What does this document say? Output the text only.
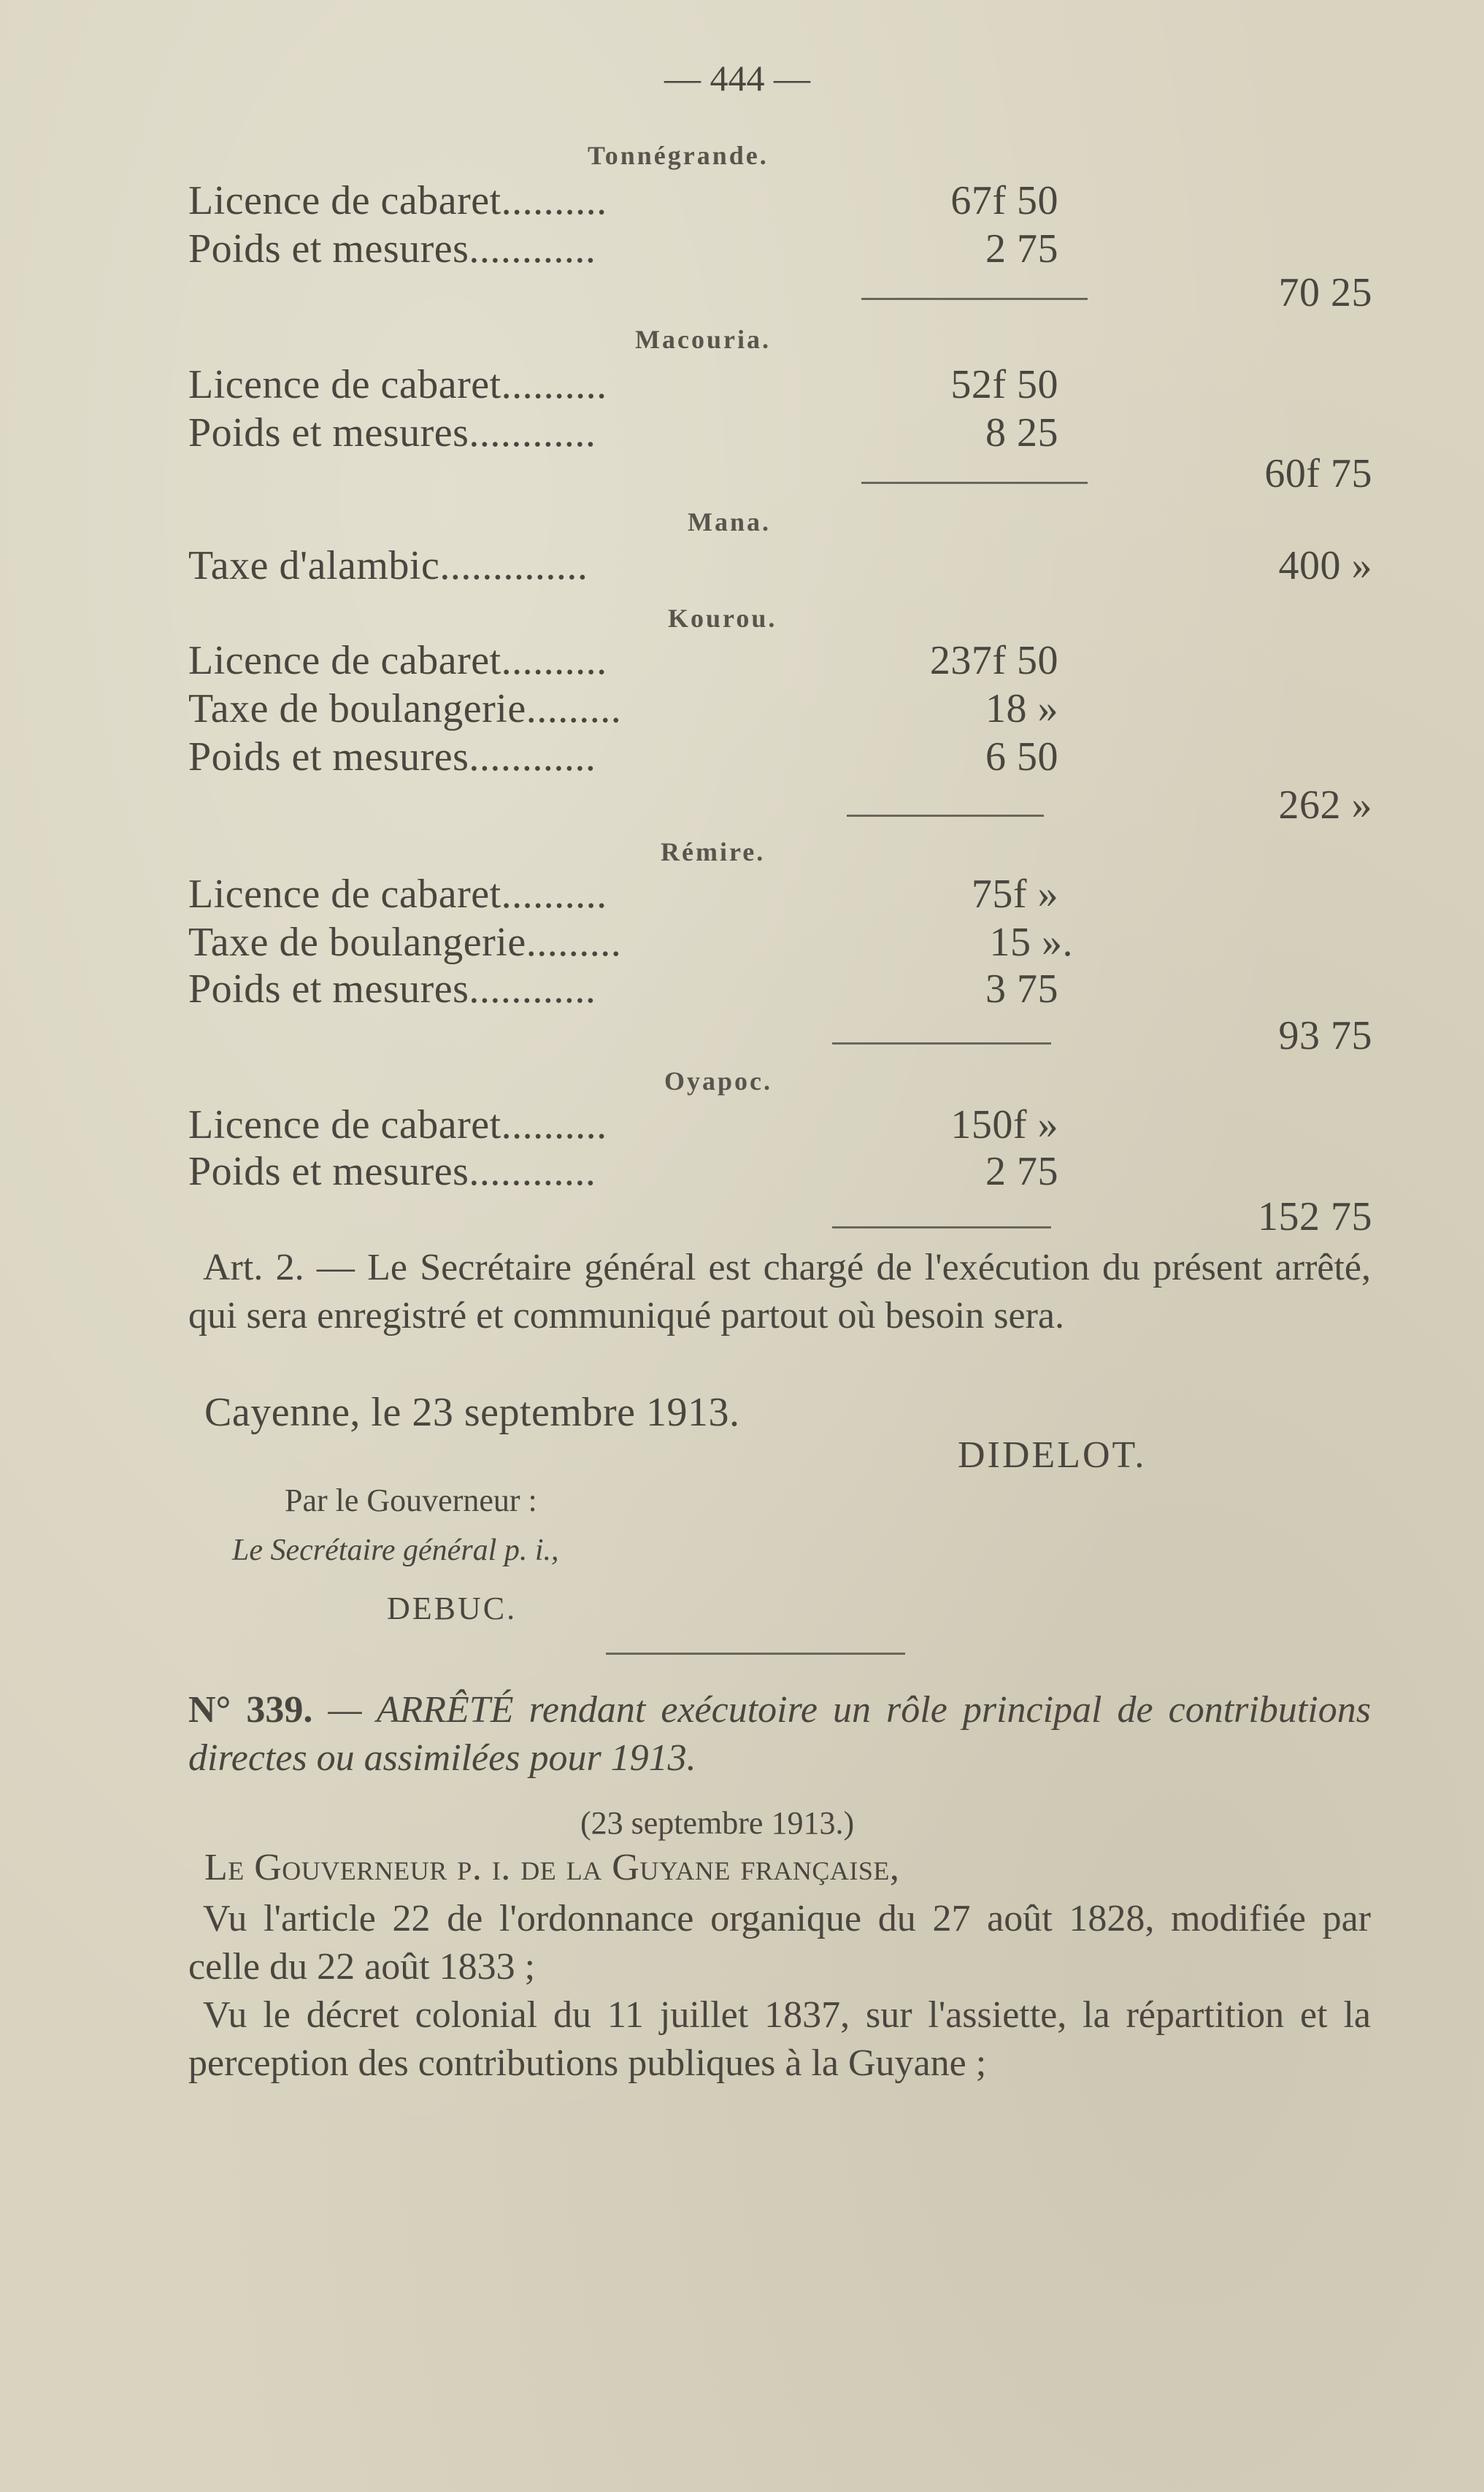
— 444 —
Tonnégrande.
Licence de cabaret..........	67f 50
Poids et mesures............	2 75
70 25
Macouria.
Licence de cabaret..........	52f 50
Poids et mesures............	8 25
60f 75
Mana.
Taxe d'alambic..............	400 »
Kourou.
Licence de cabaret..........	237f 50
Taxe de boulangerie.........	18 »
Poids et mesures............	6 50
262 »
Rémire.
Licence de cabaret..........	75f »
Taxe de boulangerie.........	15 ».
Poids et mesures............	3 75
93 75
Oyapoc.
Licence de cabaret..........	150f »
Poids et mesures............	2 75
152 75
Art. 2. — Le Secrétaire général est chargé de l'exécution du présent arrêté, qui sera enregistré et communiqué partout où besoin sera.
Cayenne, le 23 septembre 1913.
DIDELOT.
Par le Gouverneur :
Le Secrétaire général p. i.,
DEBUC.
N° 339. — ARRÊTÉ rendant exécutoire un rôle principal de contributions directes ou assimilées pour 1913.
(23 septembre 1913.)
Le Gouverneur p. i. de la Guyane française,
Vu l'article 22 de l'ordonnance organique du 27 août 1828, modifiée par celle du 22 août 1833 ;
Vu le décret colonial du 11 juillet 1837, sur l'assiette, la répartition et la perception des contributions publiques à la Guyane ;
